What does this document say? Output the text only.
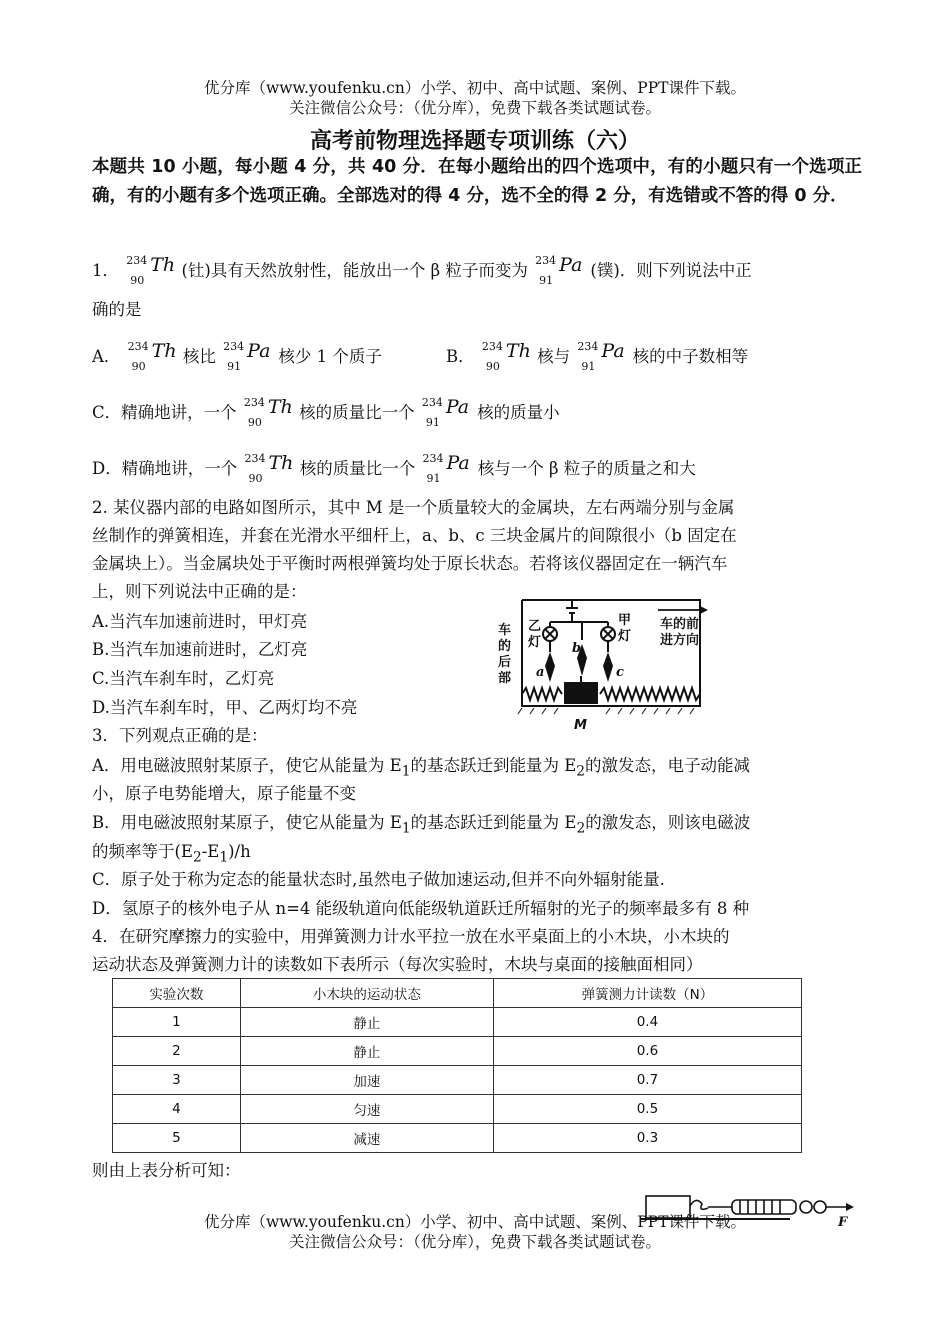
优分库（www.youfenku.cn）小学、初中、高中试题、案例、PPT课件下载。
关注微信公众号：（优分库），免费下载各类试题试卷。
高考前物理选择题专项训练（六）
本题共 10 小题，每小题 4 分，共 40 分．在每小题给出的四个选项中，有的小题只有一个选项正确，有的小题有多个选项正确。全部选对的得 4 分，选不全的得 2 分，有选错或不答的得 0 分．
1．
234
90
Th (钍)具有天然放射性，能放出一个 β 粒子而变为
234
91
Pa (镤)．则下列说法中正
确的是
A．
234
90
Th 核比
234
91
Pa 核少 1 个质子	B．
234
90
Th 核与
234
91
Pa 核的中子数相等
C．精确地讲，一个
234
90
Th 核的质量比一个
234
91
Pa 核的质量小
D．精确地讲，一个
234
90
Th 核的质量比一个
234
91
Pa 核与一个 β 粒子的质量之和大
2. 某仪器内部的电路如图所示，其中 M 是一个质量较大的金属块，左右两端分别与金属
丝制作的弹簧相连，并套在光滑水平细杆上，a、b、c 三块金属片的间隙很小（b 固定在
金属块上）。当金属块处于平衡时两根弹簧均处于原长状态。若将该仪器固定在一辆汽车
上，则下列说法中正确的是：
A.当汽车加速前进时，甲灯亮
B.当汽车加速前进时，乙灯亮
C.当汽车刹车时，乙灯亮
D.当汽车刹车时，甲、乙两灯均不亮
车
的
后
部
乙
灯
甲
灯
车的前
进方向
M
a
b
c
3．下列观点正确的是：
A．用电磁波照射某原子，使它从能量为 $E_1$的基态跃迁到能量为 $E_2$的激发态，电子动能减
小，原子电势能增大，原子能量不变
B．用电磁波照射某原子，使它从能量为 $E_1$的基态跃迁到能量为 $E_2$的激发态，则该电磁波
的频率等于$(E_2-E_1)/h$
C．原子处于称为定态的能量状态时,虽然电子做加速运动,但并不向外辐射能量.
D．氢原子的核外电子从 n=4 能级轨道向低能级轨道跃迁所辐射的光子的频率最多有 8 种
4．在研究摩擦力的实验中，用弹簧测力计水平拉一放在水平桌面上的小木块，小木块的
运动状态及弹簧测力计的读数如下表所示（每次实验时，木块与桌面的接触面相同）
实验次数	小木块的运动状态	弹簧测力计读数（N）
1	静止	0.4
2	静止	0.6
3	加速	0.7
4	匀速	0.5
5	减速	0.3
则由上表分析可知：
F
优分库（www.youfenku.cn）小学、初中、高中试题、案例、PPT课件下载。
关注微信公众号：（优分库），免费下载各类试题试卷。
